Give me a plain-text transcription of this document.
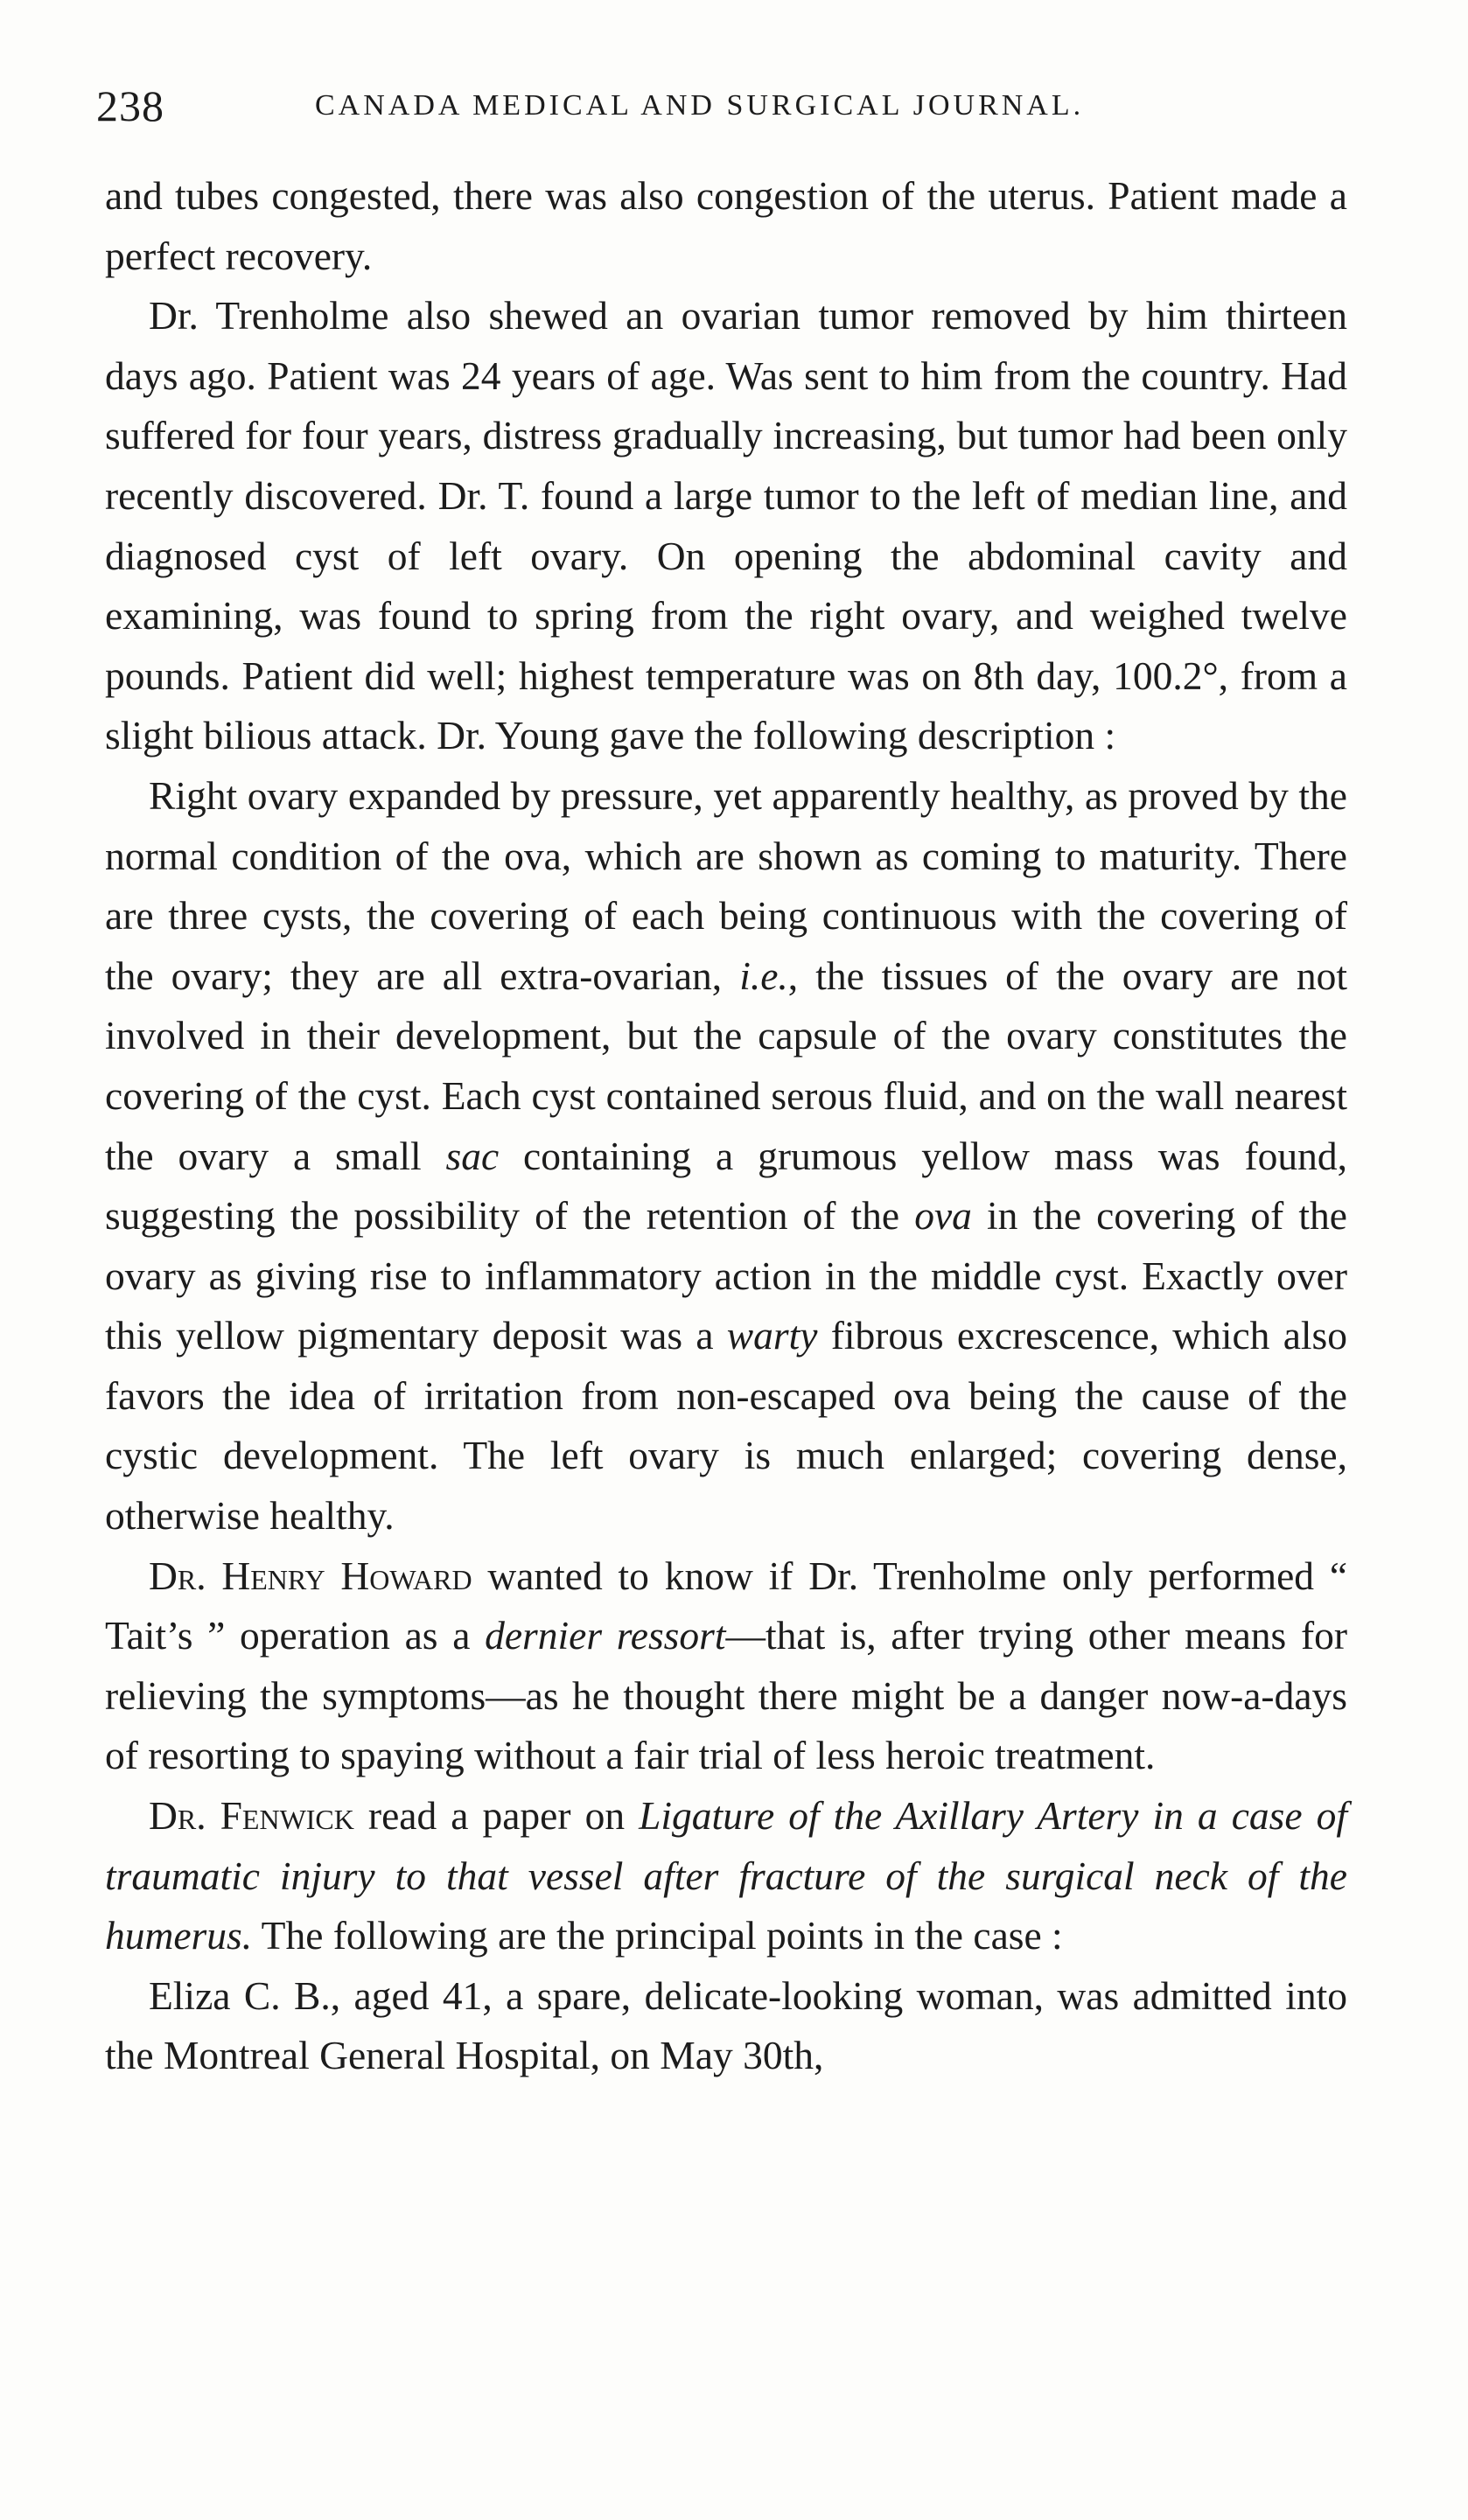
238	CANADA MEDICAL AND SURGICAL JOURNAL.

and tubes congested, there was also congestion of the uterus. Patient made a perfect recovery.

Dr. Trenholme also shewed an ovarian tumor removed by him thirteen days ago. Patient was 24 years of age. Was sent to him from the country. Had suffered for four years, distress gradually increasing, but tumor had been only recently discovered. Dr. T. found a large tumor to the left of median line, and diagnosed cyst of left ovary. On opening the abdominal cavity and examining, was found to spring from the right ovary, and weighed twelve pounds. Patient did well; highest temperature was on 8th day, 100.2°, from a slight bilious attack. Dr. Young gave the following description :

Right ovary expanded by pressure, yet apparently healthy, as proved by the normal condition of the ova, which are shown as coming to maturity. There are three cysts, the covering of each being continuous with the covering of the ovary; they are all extra-ovarian, i.e., the tissues of the ovary are not involved in their development, but the capsule of the ovary constitutes the covering of the cyst. Each cyst contained serous fluid, and on the wall nearest the ovary a small sac containing a grumous yellow mass was found, suggesting the possibility of the retention of the ova in the covering of the ovary as giving rise to inflammatory action in the middle cyst. Exactly over this yellow pigmentary deposit was a warty fibrous excrescence, which also favors the idea of irritation from non-escaped ova being the cause of the cystic development. The left ovary is much enlarged; covering dense, otherwise healthy.

Dr. Henry Howard wanted to know if Dr. Trenholme only performed “ Tait’s ” operation as a dernier ressort—that is, after trying other means for relieving the symptoms—as he thought there might be a danger now-a-days of resorting to spaying without a fair trial of less heroic treatment.

Dr. Fenwick read a paper on Ligature of the Axillary Artery in a case of traumatic injury to that vessel after fracture of the surgical neck of the humerus. The following are the principal points in the case :

Eliza C. B., aged 41, a spare, delicate-looking woman, was admitted into the Montreal General Hospital, on May 30th,
